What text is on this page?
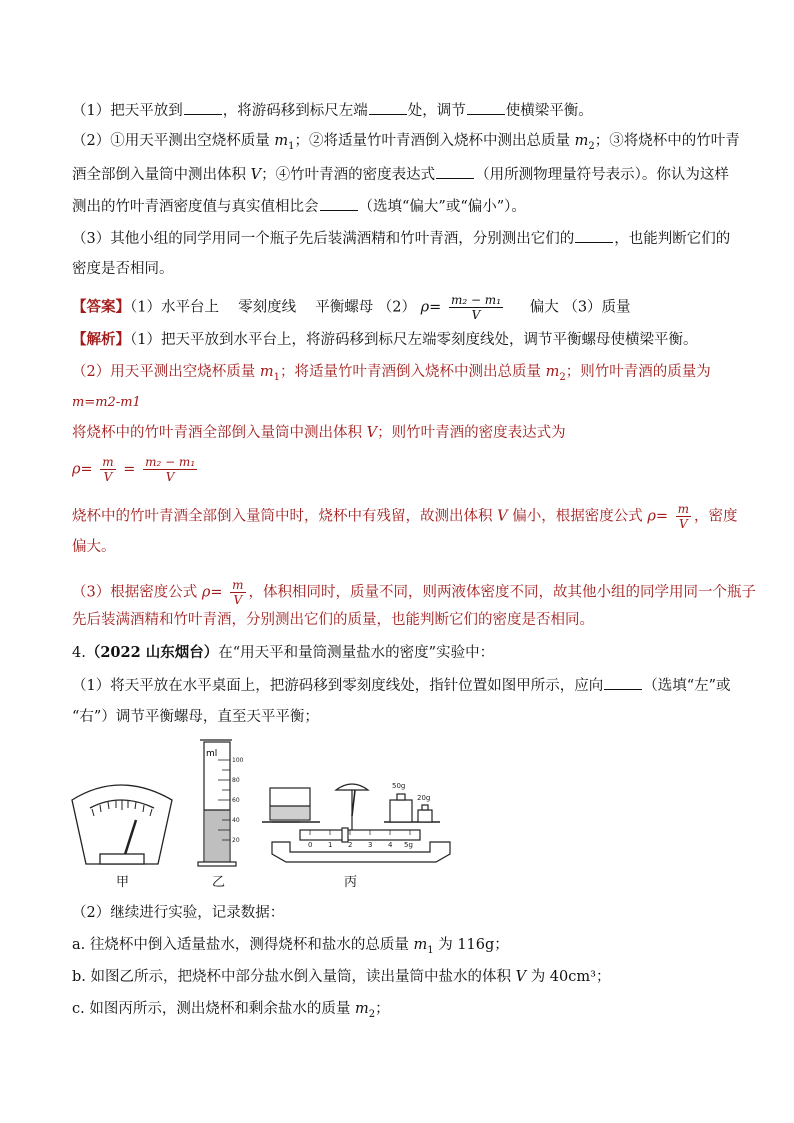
（1）把天平放到	，将游码移到标尺左端	处，调节	使横梁平衡。
（2）①用天平测出空烧杯质量 $m_1$；②将适量竹叶青酒倒入烧杯中测出总质量 $m_2$；③将烧杯中的竹叶青
酒全部倒入量筒中测出体积 V；④竹叶青酒的密度表达式	（用所测物理量符号表示）。你认为这样
测出的竹叶青酒密度值与真实值相比会	（选填“偏大”或“偏小”）。
（3）其他小组的同学用同一个瓶子先后装满酒精和竹叶青酒，分别测出它们的	，也能判断它们的
密度是否相同。
【答案】（1）水平台上　 零刻度线　 平衡螺母 （2） $\rho= \frac{\text{m₂ − m₁}}{V}$ 　 偏大 （3）质量
【解析】（1）把天平放到水平台上，将游码移到标尺左端零刻度线处，调节平衡螺母使横梁平衡。
（2）用天平测出空烧杯质量 $m_1$；将适量竹叶青酒倒入烧杯中测出总质量 $m_2$；则竹叶青酒的质量为
m=m2-m1
将烧杯中的竹叶青酒全部倒入量筒中测出体积 V；则竹叶青酒的密度表达式为
$\rho= \frac{m}{V} = \frac{\text{m₂ − m₁}}{V}$
烧杯中的竹叶青酒全部倒入量筒中时，烧杯中有残留，故测出体积 V 偏小，根据密度公式 $\rho= \frac{m}{V}$ ，密度
偏大。
（3）根据密度公式 $\rho= \frac{m}{V}$ ，体积相同时，质量不同，则两液体密度不同，故其他小组的同学用同一个瓶子
先后装满酒精和竹叶青酒，分别测出它们的质量，也能判断它们的密度是否相同。
4.（2022 山东烟台）在“用天平和量筒测量盐水的密度”实验中：
（1）将天平放在水平桌面上，把游码移到零刻度线处，指针位置如图甲所示，应向	（选填“左”或
“右”）调节平衡螺母，直至天平平衡；
ml
100
80
60
40
20
50g
20g
0 1 2 3 4 5g
甲	乙	丙
（2）继续进行实验，记录数据：
a. 往烧杯中倒入适量盐水，测得烧杯和盐水的总质量 $m_1$ 为 116g；
b. 如图乙所示，把烧杯中部分盐水倒入量筒，读出量筒中盐水的体积 V 为 40cm³；
c. 如图丙所示，测出烧杯和剩余盐水的质量 $m_2$；
